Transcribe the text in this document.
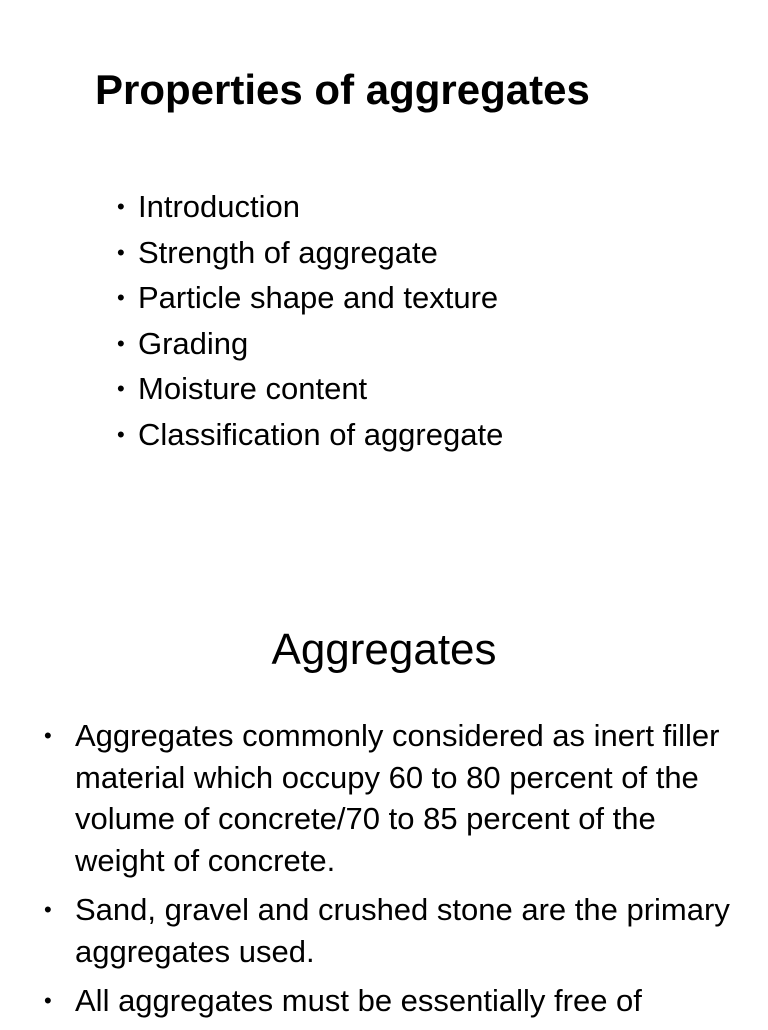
Properties of aggregates
• Introduction
• Strength of aggregate
• Particle shape and texture
• Grading
• Moisture content
• Classification of aggregate
Aggregates
• Aggregates commonly considered as inert filler material which occupy 60 to 80 percent of the volume of concrete/70 to 85 percent of the weight of concrete.
• Sand, gravel and crushed stone are the primary aggregates used.
• All aggregates must be essentially free of
